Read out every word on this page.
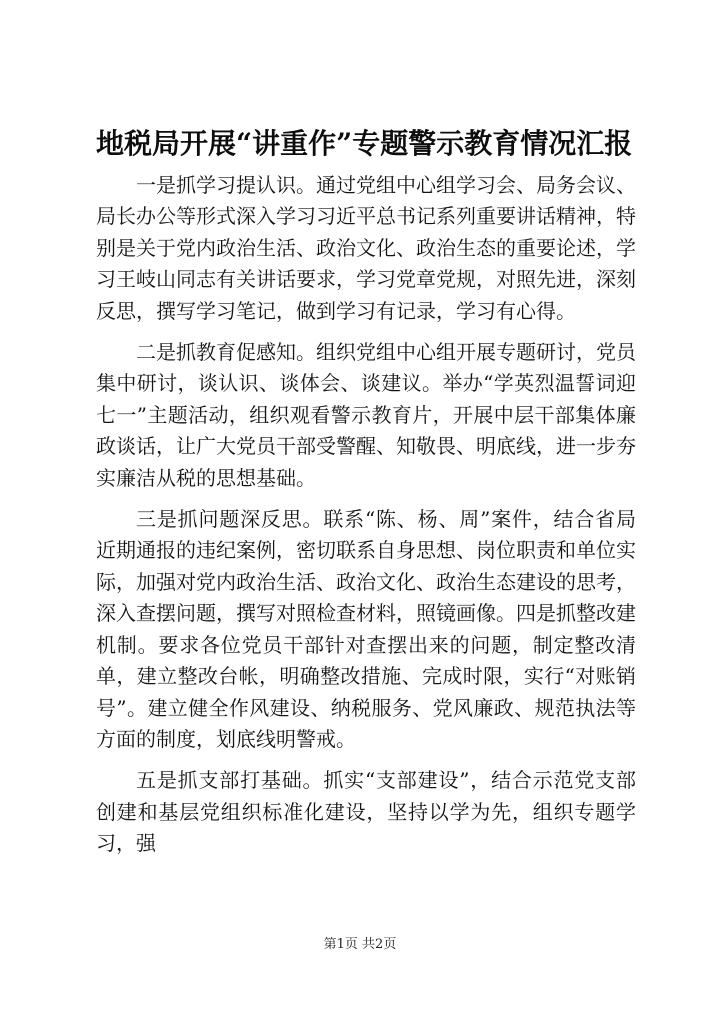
地税局开展“讲重作”专题警示教育情况汇报

一是抓学习提认识。通过党组中心组学习会、局务会议、局长办公等形式深入学习习近平总书记系列重要讲话精神，特别是关于党内政治生活、政治文化、政治生态的重要论述，学习王岐山同志有关讲话要求，学习党章党规，对照先进，深刻反思，撰写学习笔记，做到学习有记录，学习有心得。

二是抓教育促感知。组织党组中心组开展专题研讨，党员集中研讨，谈认识、谈体会、谈建议。举办“学英烈温誓词迎七一”主题活动，组织观看警示教育片，开展中层干部集体廉政谈话，让广大党员干部受警醒、知敬畏、明底线，进一步夯实廉洁从税的思想基础。

三是抓问题深反思。联系“陈、杨、周”案件，结合省局近期通报的违纪案例，密切联系自身思想、岗位职责和单位实际，加强对党内政治生活、政治文化、政治生态建设的思考，深入查摆问题，撰写对照检查材料，照镜画像。四是抓整改建机制。要求各位党员干部针对查摆出来的问题，制定整改清单，建立整改台帐，明确整改措施、完成时限，实行“对账销号”。建立健全作风建设、纳税服务、党风廉政、规范执法等方面的制度，划底线明警戒。

五是抓支部打基础。抓实“支部建设”，结合示范党支部创建和基层党组织标准化建设，坚持以学为先，组织专题学习，强

第1页 共2页
